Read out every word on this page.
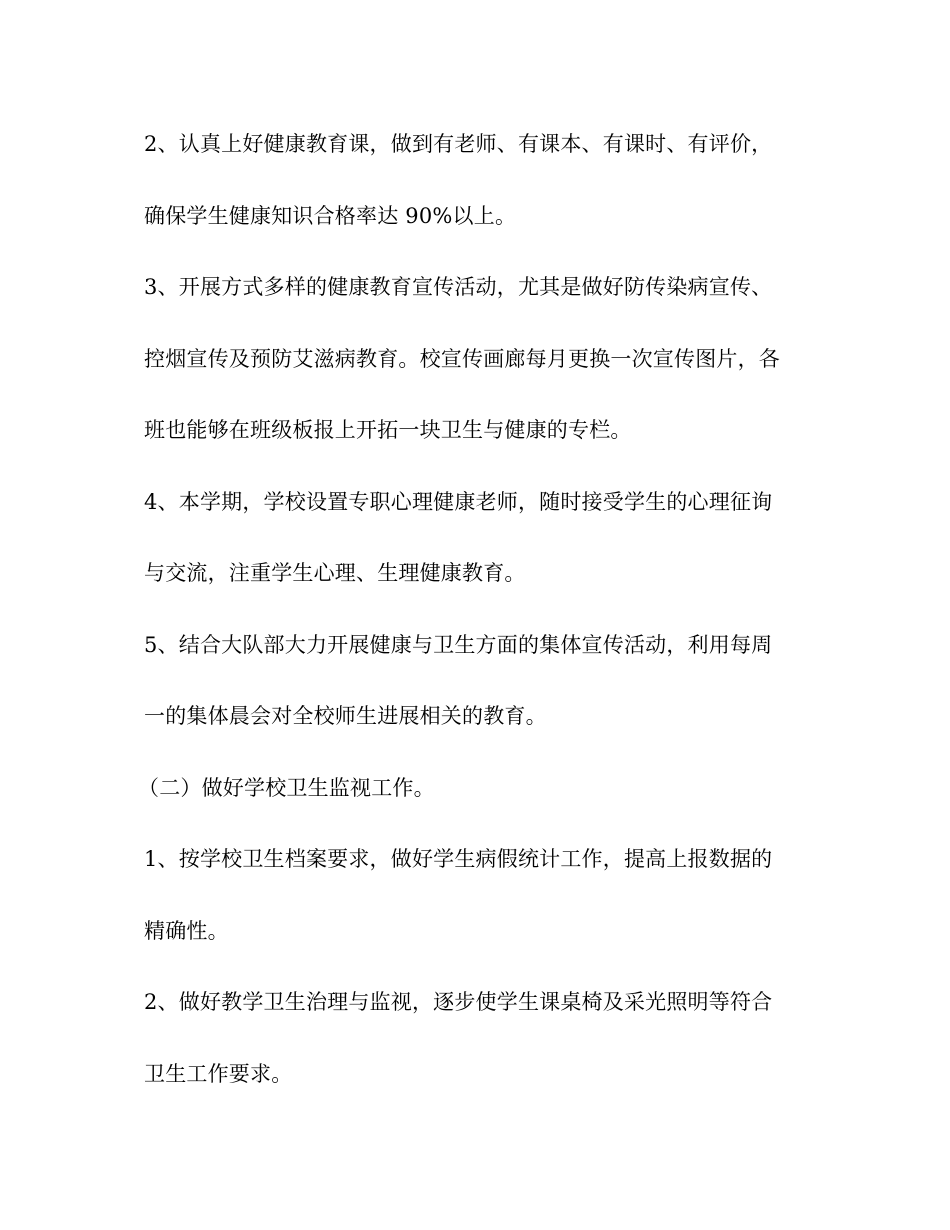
2、认真上好健康教育课，做到有老师、有课本、有课时、有评价，
确保学生健康知识合格率达 90%以上。
3、开展方式多样的健康教育宣传活动，尤其是做好防传染病宣传、
控烟宣传及预防艾滋病教育。校宣传画廊每月更换一次宣传图片，各
班也能够在班级板报上开拓一块卫生与健康的专栏。
4、本学期，学校设置专职心理健康老师，随时接受学生的心理征询
与交流，注重学生心理、生理健康教育。
5、结合大队部大力开展健康与卫生方面的集体宣传活动，利用每周
一的集体晨会对全校师生进展相关的教育。
（二）做好学校卫生监视工作。
1、按学校卫生档案要求，做好学生病假统计工作，提高上报数据的
精确性。
2、做好教学卫生治理与监视，逐步使学生课桌椅及采光照明等符合
卫生工作要求。
